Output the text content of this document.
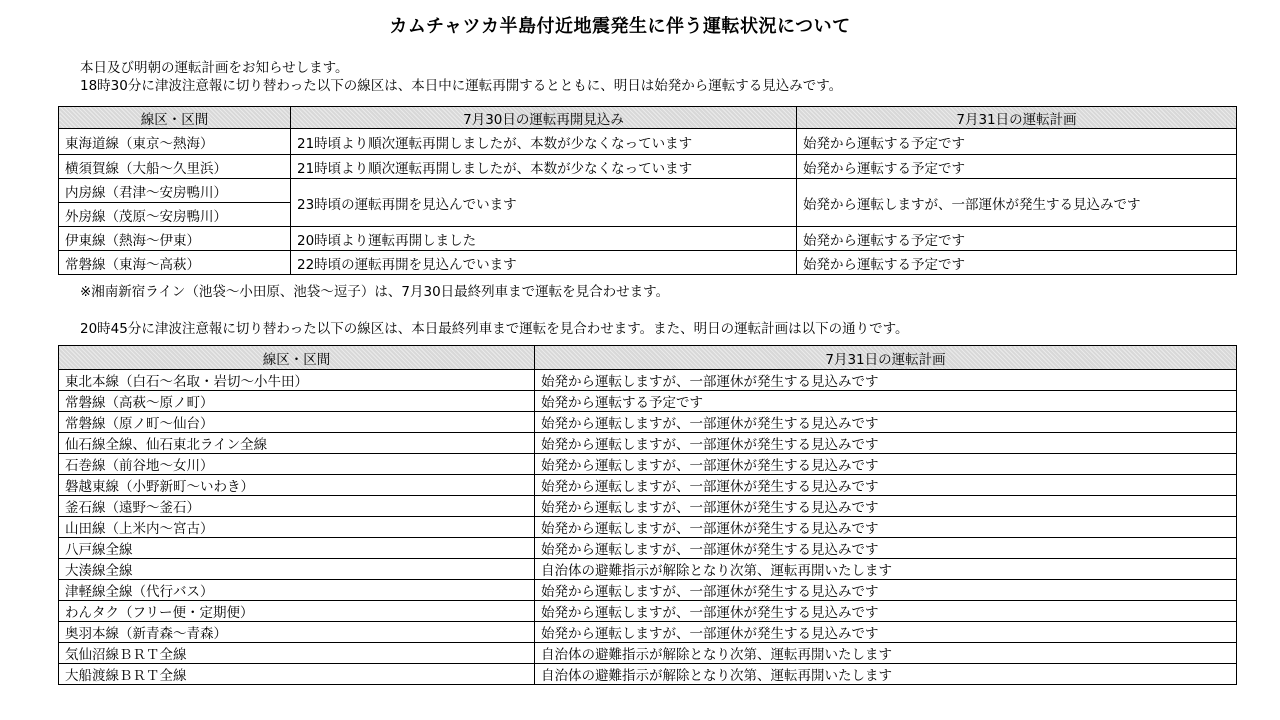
カムチャツカ半島付近地震発生に伴う運転状況について
本日及び明朝の運転計画をお知らせします。
18時30分に津波注意報に切り替わった以下の線区は、本日中に運転再開するとともに、明日は始発から運転する見込みです。
線区・区間	7月30日の運転再開見込み	7月31日の運転計画
東海道線（東京～熱海）	21時頃より順次運転再開しましたが、本数が少なくなっています	始発から運転する予定です
横須賀線（大船～久里浜）	21時頃より順次運転再開しましたが、本数が少なくなっています	始発から運転する予定です
内房線（君津～安房鴨川）	23時頃の運転再開を見込んでいます	始発から運転しますが、一部運休が発生する見込みです
外房線（茂原～安房鴨川）		
伊東線（熱海～伊東）	20時頃より運転再開しました	始発から運転する予定です
常磐線（東海～高萩）	22時頃の運転再開を見込んでいます	始発から運転する予定です
※湘南新宿ライン（池袋～小田原、池袋～逗子）は、7月30日最終列車まで運転を見合わせます。
20時45分に津波注意報に切り替わった以下の線区は、本日最終列車まで運転を見合わせます。また、明日の運転計画は以下の通りです。
線区・区間	7月31日の運転計画
東北本線（白石～名取・岩切～小牛田）	始発から運転しますが、一部運休が発生する見込みです
常磐線（高萩～原ノ町）	始発から運転する予定です
常磐線（原ノ町～仙台）	始発から運転しますが、一部運休が発生する見込みです
仙石線全線、仙石東北ライン全線	始発から運転しますが、一部運休が発生する見込みです
石巻線（前谷地～女川）	始発から運転しますが、一部運休が発生する見込みです
磐越東線（小野新町～いわき）	始発から運転しますが、一部運休が発生する見込みです
釜石線（遠野～釜石）	始発から運転しますが、一部運休が発生する見込みです
山田線（上米内～宮古）	始発から運転しますが、一部運休が発生する見込みです
八戸線全線	始発から運転しますが、一部運休が発生する見込みです
大湊線全線	自治体の避難指示が解除となり次第、運転再開いたします
津軽線全線（代行バス）	始発から運転しますが、一部運休が発生する見込みです
わんタク（フリー便・定期便）	始発から運転しますが、一部運休が発生する見込みです
奥羽本線（新青森～青森）	始発から運転しますが、一部運休が発生する見込みです
気仙沼線ＢＲＴ全線	自治体の避難指示が解除となり次第、運転再開いたします
大船渡線ＢＲＴ全線	自治体の避難指示が解除となり次第、運転再開いたします
